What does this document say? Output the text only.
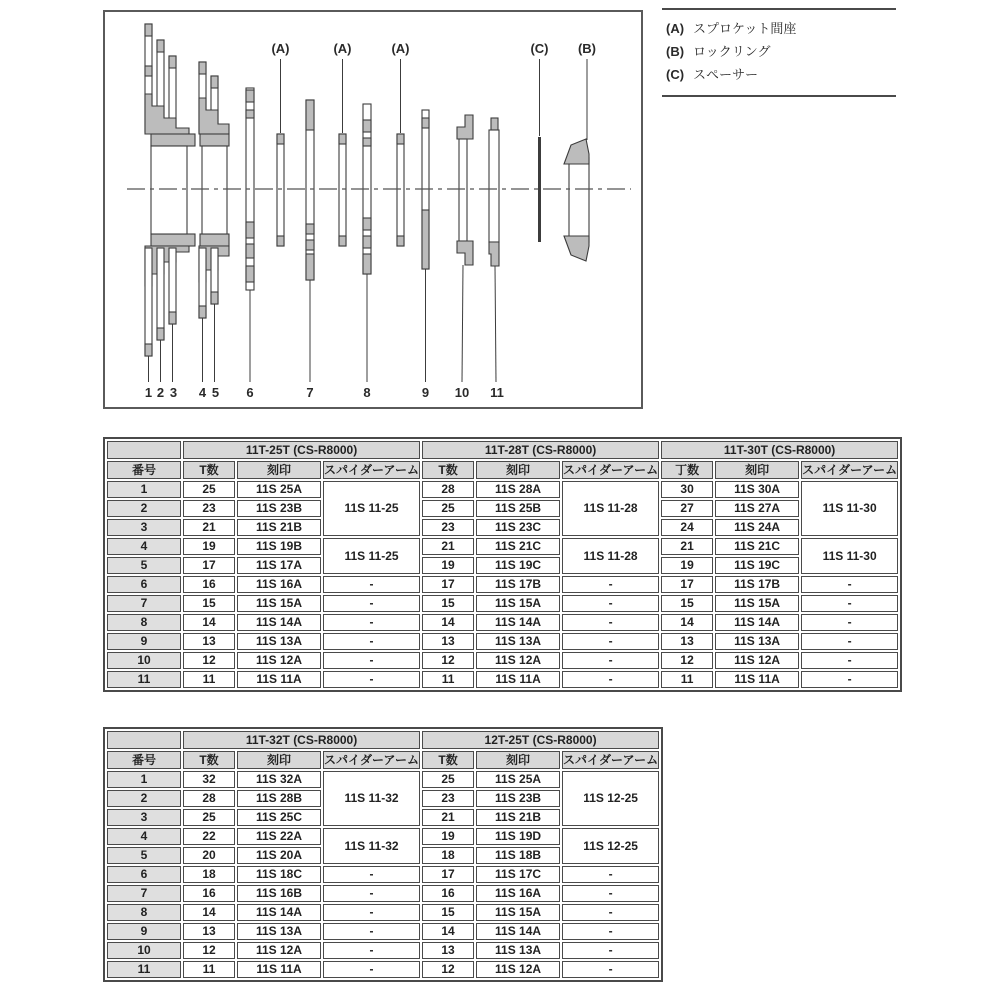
(A)	(A)	(A)	(C) (B)
1 2 3 4 5 6	7	8	9 10 11
(A) スプロケット間座
(B) ロックリング
(C) スペーサー
	11T-25T (CS-R8000)			11T-28T (CS-R8000)			11T-30T (CS-R8000)		
番号	T数	刻印	スパイダーアーム	T数	刻印	スパイダーアーム	丁数	刻印	スパイダーアーム
1	25	11S 25A	11S 11-25	28	11S 28A	11S 11-28	30	11S 30A	11S 11-30
2	23	11S 23B		25	11S 25B		27	11S 27A	
3	21	11S 21B		23	11S 23C		24	11S 24A	
4	19	11S 19B	11S 11-25	21	11S 21C	11S 11-28	21	11S 21C	11S 11-30
5	17	11S 17A		19	11S 19C		19	11S 19C	
6	16	11S 16A	-	17	11S 17B	-	17	11S 17B	-
7	15	11S 15A	-	15	11S 15A	-	15	11S 15A	-
8	14	11S 14A	-	14	11S 14A	-	14	11S 14A	-
9	13	11S 13A	-	13	11S 13A	-	13	11S 13A	-
10	12	11S 12A	-	12	11S 12A	-	12	11S 12A	-
11	11	11S 11A	-	11	11S 11A	-	11	11S 11A	-
	11T-32T (CS-R8000)			12T-25T (CS-R8000)		
番号	T数	刻印	スパイダーアーム	T数	刻印	スパイダーアーム
1	32	11S 32A	11S 11-32	25	11S 25A	11S 12-25
2	28	11S 28B		23	11S 23B	
3	25	11S 25C		21	11S 21B	
4	22	11S 22A	11S 11-32	19	11S 19D	11S 12-25
5	20	11S 20A		18	11S 18B	
6	18	11S 18C	-	17	11S 17C	-
7	16	11S 16B	-	16	11S 16A	-
8	14	11S 14A	-	15	11S 15A	-
9	13	11S 13A	-	14	11S 14A	-
10	12	11S 12A	-	13	11S 13A	-
11	11	11S 11A	-	12	11S 12A	-
